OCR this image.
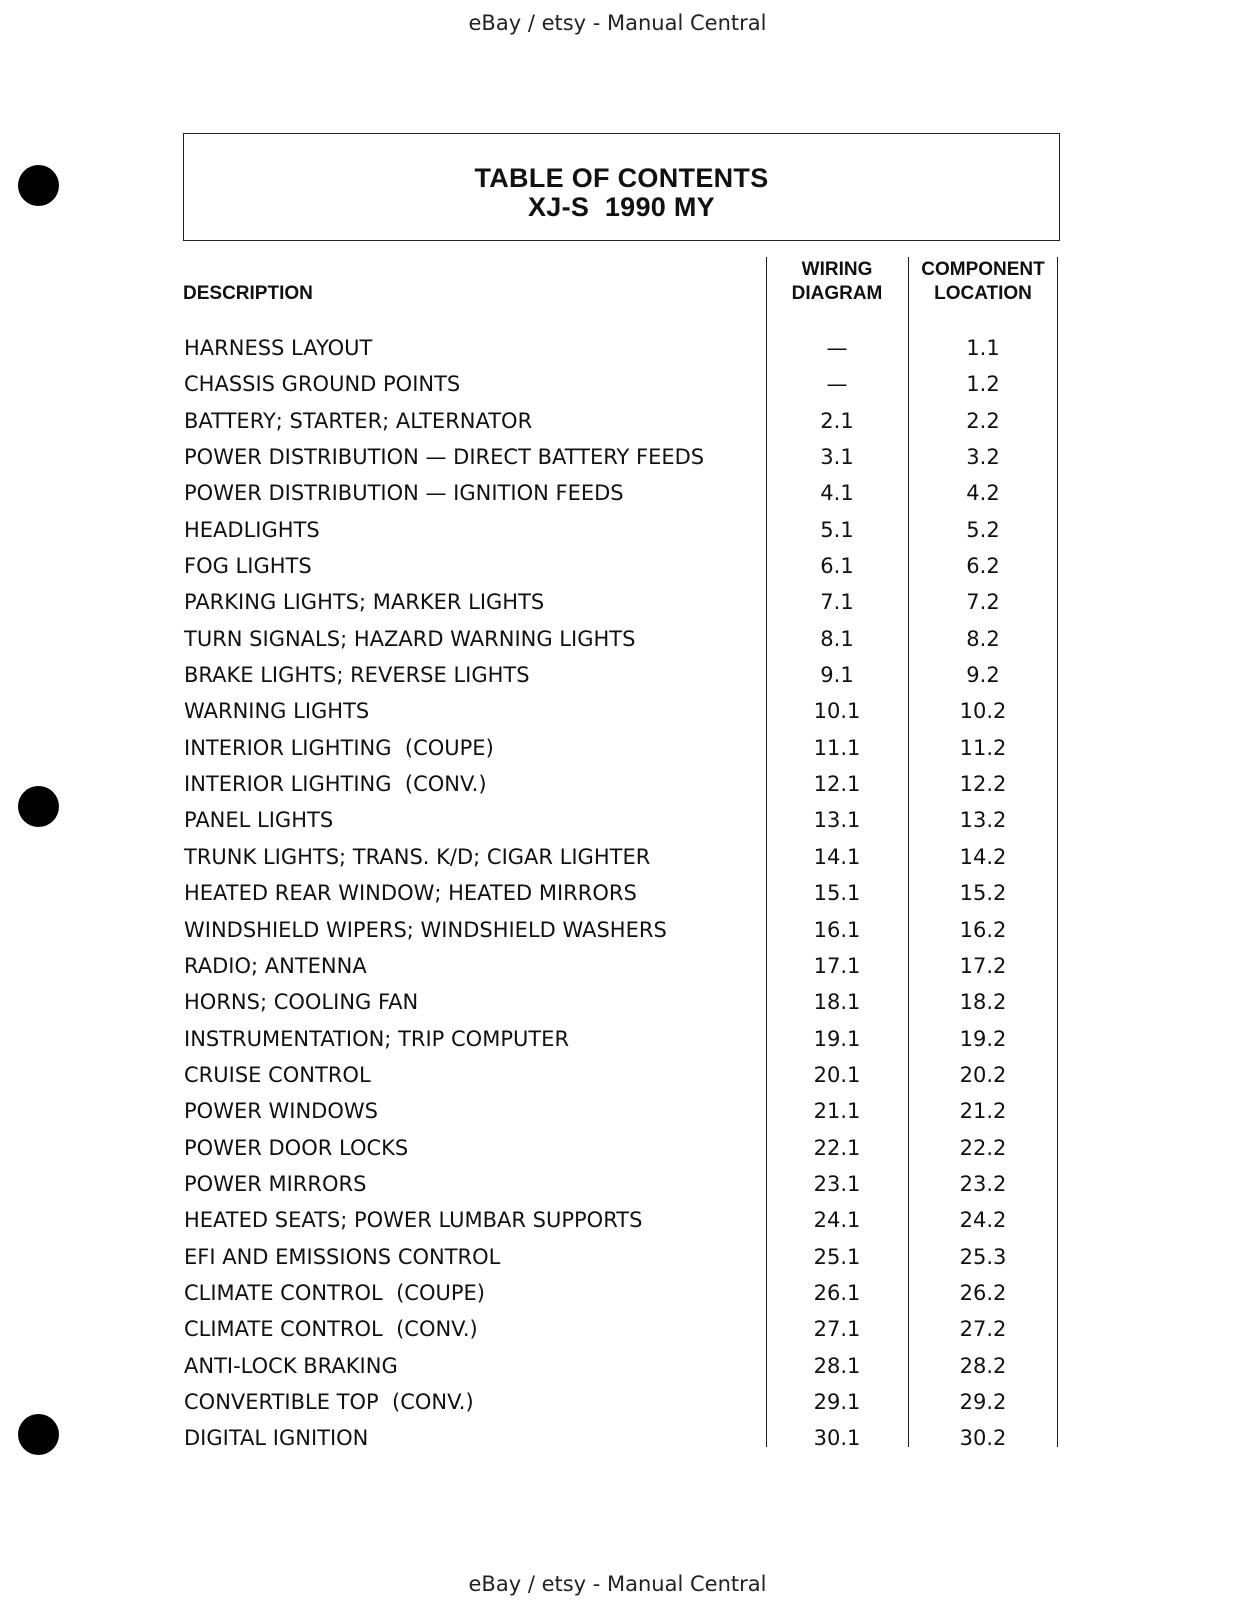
eBay / etsy - Manual Central
TABLE OF CONTENTS
XJ-S  1990 MY
DESCRIPTION
WIRING
DIAGRAM
COMPONENT
LOCATION
HARNESS LAYOUT	—	1.1
CHASSIS GROUND POINTS	—	1.2
BATTERY; STARTER; ALTERNATOR	2.1	2.2
POWER DISTRIBUTION — DIRECT BATTERY FEEDS	3.1	3.2
POWER DISTRIBUTION — IGNITION FEEDS	4.1	4.2
HEADLIGHTS	5.1	5.2
FOG LIGHTS	6.1	6.2
PARKING LIGHTS; MARKER LIGHTS	7.1	7.2
TURN SIGNALS; HAZARD WARNING LIGHTS	8.1	8.2
BRAKE LIGHTS; REVERSE LIGHTS	9.1	9.2
WARNING LIGHTS	10.1	10.2
INTERIOR LIGHTING  (COUPE)	11.1	11.2
INTERIOR LIGHTING  (CONV.)	12.1	12.2
PANEL LIGHTS	13.1	13.2
TRUNK LIGHTS; TRANS. K/D; CIGAR LIGHTER	14.1	14.2
HEATED REAR WINDOW; HEATED MIRRORS	15.1	15.2
WINDSHIELD WIPERS; WINDSHIELD WASHERS	16.1	16.2
RADIO; ANTENNA	17.1	17.2
HORNS; COOLING FAN	18.1	18.2
INSTRUMENTATION; TRIP COMPUTER	19.1	19.2
CRUISE CONTROL	20.1	20.2
POWER WINDOWS	21.1	21.2
POWER DOOR LOCKS	22.1	22.2
POWER MIRRORS	23.1	23.2
HEATED SEATS; POWER LUMBAR SUPPORTS	24.1	24.2
EFI AND EMISSIONS CONTROL	25.1	25.3
CLIMATE CONTROL  (COUPE)	26.1	26.2
CLIMATE CONTROL  (CONV.)	27.1	27.2
ANTI-LOCK BRAKING	28.1	28.2
CONVERTIBLE TOP  (CONV.)	29.1	29.2
DIGITAL IGNITION	30.1	30.2
eBay / etsy - Manual Central
